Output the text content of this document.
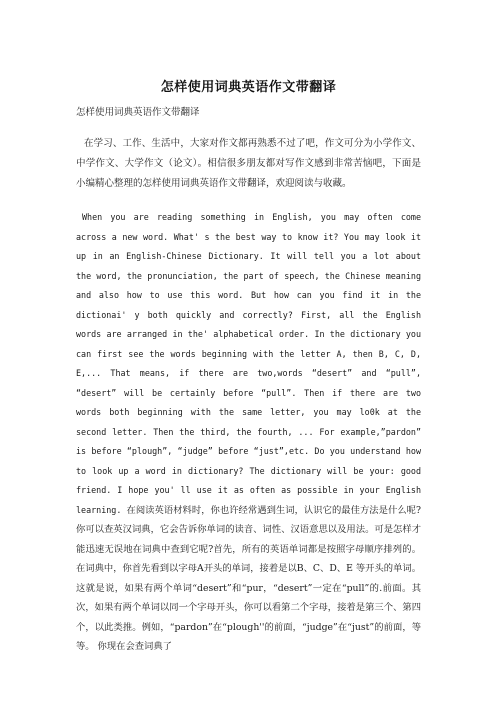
怎样使用词典英语作文带翻译

怎样使用词典英语作文带翻译

在学习、工作、生活中，大家对作文都再熟悉不过了吧，作文可分为小学作文、中学作文、大学作文（论文）。相信很多朋友都对写作文感到非常苦恼吧，下面是小编精心整理的怎样使用词典英语作文带翻译，欢迎阅读与收藏。

When you are reading something in English, you may often come across a new word. What' s the best way to know it? You may look it up in an English-Chinese Dictionary. It will tell you a lot about the word, the pronunciation, the part of speech, the Chinese meaning and also how to use this word. But how can you find it in the dictionai' y both quickly and correctly? First, all the English words are arranged in the' alphabetical order. In the dictionary you can first see the words beginning with the letter A, then B, C, D, E,... That means, if there are two,words “desert” and “pull”, “desert” will be certainly before “pull”. Then if there are two words both beginning with the same letter, you may lo0k at the second letter. Then the third, the fourth, ... For example,”pardon” is before “plough”, “judge” before “just”,etc. Do you understand how to look up a word in dictionary? The dictionary will be your: good friend. I hope you' ll use it as often as possible in your English learning. 在阅读英语材料时，你也许经常遇到生词，认识它的最佳方法是什么呢? 你可以查英汉词典，它会告诉你单词的读音、词性、汉语意思以及用法。可是怎样才能迅速无误地在词典中查到它呢?首先，所有的英语单词都是按照字母顺序排列的。在词典中，你首先看到以字母A开头的单词，接着是以B、C、D、E 等开头的单词。这就是说，如果有两个单词“desert”和“pur，“desert”一定在“pull”的.前面。其次，如果有两个单词以同一个字母开头，你可以看第二个字母，接着是第三个、第四个，以此类推。例如，“pardon”在“plough''的前面，“judge”在“just”的前面，等等。 你现在会查词典了
